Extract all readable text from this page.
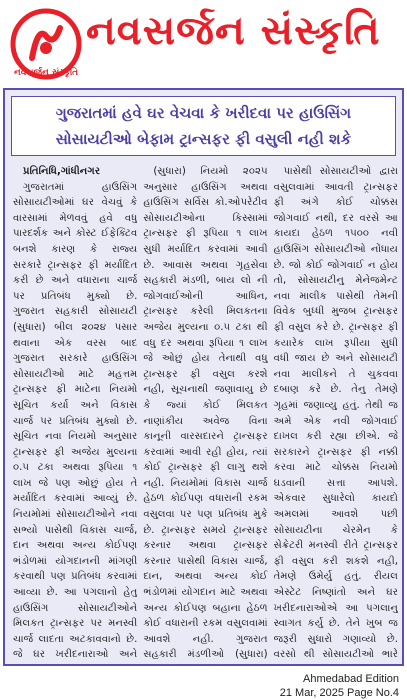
નવસર્જન સંસ્કૃતિ
નવસર્જન સંસ્કૃતિ
ગુજરાતમાં હવે ઘર વેચવા કે ખરીદવા પર હાઉસિંગ
સોસાયટીઓ બેફામ ટ્રાન્સફર ફી વસુલી નહી શકે

પ્રતિનિધિ,ગાંધીનગર

ગુજરાતમાં હાઉસિંગ સોસાયટીઓમાં ઘર વેચવું કે વારસામાં મેળવવું હવે વધુ પારદર્શક અને કોસ્ટ ઈફેક્ટિવ બનશે કારણ કે રાજ્ય સરકારે ટ્રાન્સફર ફી મર્યાદિત કરી છે અને વધારાના ચાર્જ પર પ્રતિબંધ મુક્યો છે. ગુજરાત સહકારી સોસાયટી (સુધારા) બીલ ૨૦૨૪ પસાર થવાના એક વરસ બાદ ગુજરાત સરકારે હાઉસિંગ સોસાયટીઓ માટે મહત્તમ ટ્રાન્સફર ફી માટેના નિયમો સૂચિત કર્યા અને વિકાસ ચાર્જ પર પ્રતિબંધ મુક્યો છે. સૂચિત નવા નિયમો અનુસાર ટ્રાન્સફર ફી અજેય મુલ્યના ૦.૫ ટકા અથવા રૂપિયા ૧ લાખ જે પણ ઓછું હોય તે મર્યાદિત કરવામાં આવ્યું છે. નિયમોમાં સોસાયટીઓને નવા સભ્યો પાસેથી વિકાસ ચાર્જ, દાન અથવા અન્ય કોઈપણ ભંડોળમાં યોગદાનની માંગણી કરવાથી પણ પ્રતિબંધ કરવામાં આવ્યા છે. આ પગલાનો હેતુ હાઉસિંગ સોસાયટીઓને મિલકત ટ્રાન્સફર પર મનસ્વી ચાર્જ લાદતા અટકાવવાનો છે. જે ઘર ખરીદનારાઓ અને

(સુધારા) નિયમો ૨૦૨૫ અનુસાર હાઉસિંગ અથવા હાઉસિંગ સર્વિસ કો.ઓપરેટીવ સોસાયટીઓના કિસ્સામાં ટ્રાન્સફર ફી રૂપિયા ૧ લાખ સુધી મર્યાદિત કરવામાં આવી છે. આવાસ અથવા ગૃહસેવા સહકારી મંડળી, બાય લો ની જોગવાઈઓની આધિન, ટ્રાન્સફર કરેલી મિલકતના અજેય મુલ્યના ૦.૫ ટકા થી વધુ દર અથવા રૂપિયા ૧ લાખ જે ઓછું હોય તેનાથી વધુ ટ્રાન્સફર ફી વસુલ કરશે નહી, સૂચનાથી જણાવાયુ છે કે જ્યાં કોઈ મિલકત નાણાંકીય અવેજ વિના કાનૂની વારસદારને ટ્રાન્સફર કરવામાં આવી રહી હોય, ત્યાં કોઈ ટ્રાન્સફર ફી લાગુ થશે નહી. નિયમોમાં વિકાસ ચાર્જ હેઠળ કોઈપણ વધારાની રકમ વસુલવા પર પણ પ્રતિબંધ મુકે છે. ટ્રાન્સફર સમયે ટ્રાન્સફર કરનાર અથવા ટ્રાન્સફર કરનાર પાસેથી વિકાસ ચાર્જ, દાન, અથવા અન્ય કોઈ ભંડોળમાં યોગદાન માટે અથવા અન્ય કોઈપણ બહાના હેઠળ કોઈ વધારાની રકમ વસુલવામાં આવશે નહી. ગુજરાત સહકારી મંડળીઓ (સુધારા)

પાસેથી સોસાયટીઓ દ્વારા વસુલવામાં આવતી ટ્રાન્સફર ફી અંગે કોઈ ચોક્કસ જોગવાઈ નથી, દર વરસે આ કાયદા હેઠળ ૧૫૦૦ નવી હાઉસિંગ સોસાયટીઓ નોંધાય છે. જો કોઈ જોગવાઈ ન હોય તો, સોસાયટીનુ મેનેજમેન્ટ નવા માલીક પાસેથી તેમની વિવેક બુધ્ધી મુજબ ટ્રાન્સફર ફી વસુલ કરે છે. ટ્રાન્સફર ફી કયારેક લાખ રૂપીયા સુધી વધી જાય છે અને સોસાયટી નવા માલીકને તે ચુકવવા દબાણ કરે છે. તેનુ તેમણે ગૃહમાં જણાવ્યુ હતું. તેથી જ અમે એક નવી જોગવાઈ દાખલ કરી રહ્યા છીએ. જે સરકારને ટ્રાન્સફર ફી નક્કી કરવા માટે ચોક્કસ નિયમો ઘડવાની સત્તા આપશે. એકવાર સુધારેલો કાયદો અમલમાં આવશે પછી સોસાયટીના ચેરમેન કે સેક્રેટરી મનસ્વી રીતે ટ્રાન્સફર ફી વસુલ કરી શકશે નહી, તેમણે ઉમેર્યુ હતું. રીયલ એસ્ટેટ નિષ્ણાંતો અને ઘર ખરીદનારાઓએ આ પગલાનુ સ્વાગત કર્યુ છે. તેને ખુબ જ જરૂરી સુધારો ગણાવ્યો છે. વરસો થી સોસાયટીઓ ભારે

Ahmedabad Edition
21 Mar, 2025 Page No.4
